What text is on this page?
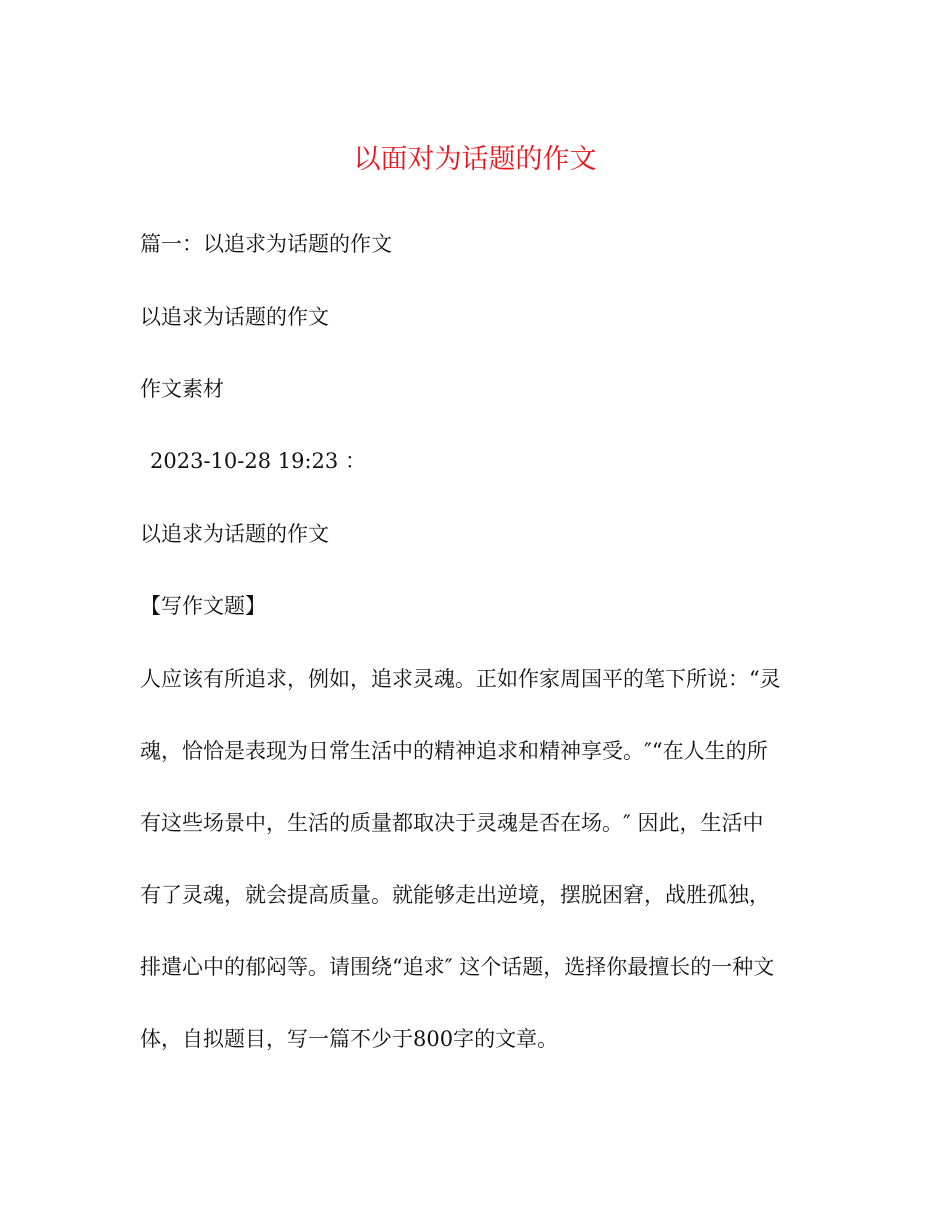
以面对为话题的作文
篇一：以追求为话题的作文
以追求为话题的作文
作文素材
2023-10-28 19:23 ：
以追求为话题的作文
【写作文题】
人应该有所追求，例如，追求灵魂。正如作家周国平的笔下所说：“灵
魂，恰恰是表现为日常生活中的精神追求和精神享受。″“在人生的所
有这些场景中，生活的质量都取决于灵魂是否在场。″ 因此，生活中
有了灵魂，就会提高质量。就能够走出逆境，摆脱困窘，战胜孤独，
排遣心中的郁闷等。请围绕“追求″ 这个话题，选择你最擅长的一种文
体，自拟题目，写一篇不少于800字的文章。
